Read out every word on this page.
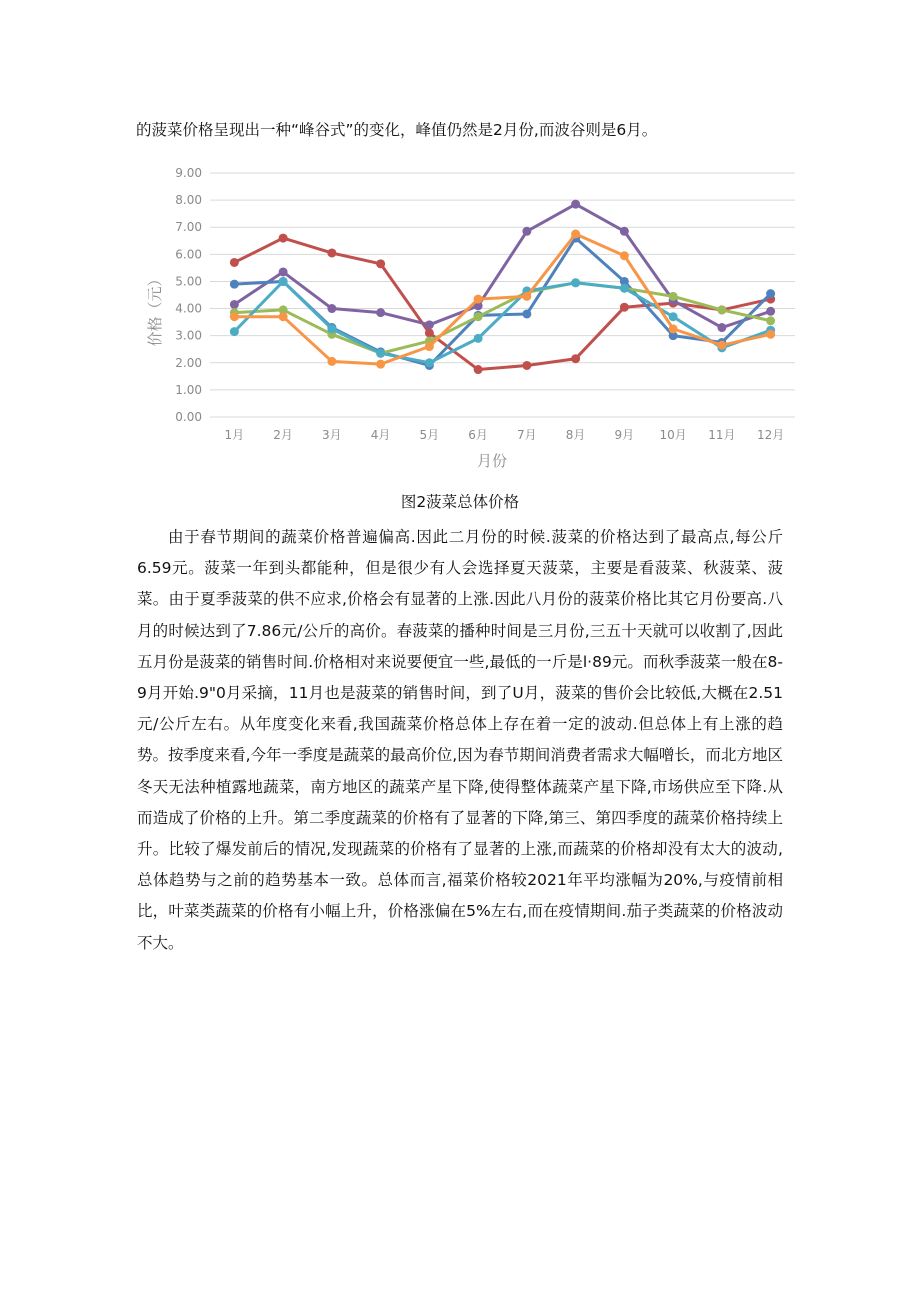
的菠菜价格呈现出一种“峰谷式”的变化，峰值仍然是2月份,而波谷则是6月。
0.00
1.00
2.00
3.00
4.00
5.00
6.00
7.00
8.00
9.00
1月 2月 3月 4月 5月 6月 7月 8月 9月 10月 11月 12月
价格（元）
月份
图2菠菜总体价格

由于春节期间的蔬菜价格普遍偏高.因此二月份的时候.菠菜的价格达到了最高点,每公斤6.59元。菠菜一年到头都能种，但是很少有人会选择夏天菠菜，主要是看菠菜、秋菠菜、菠菜。由于夏季菠菜的供不应求,价格会有显著的上涨.因此八月份的菠菜价格比其它月份要高.八月的时候达到了7.86元/公斤的高价。春菠菜的播种时间是三月份,三五十天就可以收割了,因此五月份是菠菜的销售时间.价格相对来说要便宜一些,最低的一斤是l·89元。而秋季菠菜一般在8-9月开始.9"0月采摘，11月也是菠菜的销售时间，到了U月，菠菜的售价会比较低,大概在2.51元/公斤左右。从年度变化来看,我国蔬菜价格总体上存在着一定的波动.但总体上有上涨的趋势。按季度来看,今年一季度是蔬菜的最高价位,因为春节期间消费者需求大幅噌长，而北方地区冬天无法种植露地蔬菜，南方地区的蔬菜产星下降,使得整体蔬菜产星下降,市场供应至下降.从而造成了价格的上升。第二季度蔬菜的价格有了显著的下降,第三、第四季度的蔬菜价格持续上升。比较了爆发前后的情况,发现蔬菜的价格有了显著的上涨,而蔬菜的价格却没有太大的波动,总体趋势与之前的趋势基本一致。总体而言,福菜价格较2021年平均涨幅为20%,与疫情前相比，叶菜类蔬菜的价格有小幅上升，价格涨偏在5%左右,而在疫情期间.茄子类蔬菜的价格波动不大。
